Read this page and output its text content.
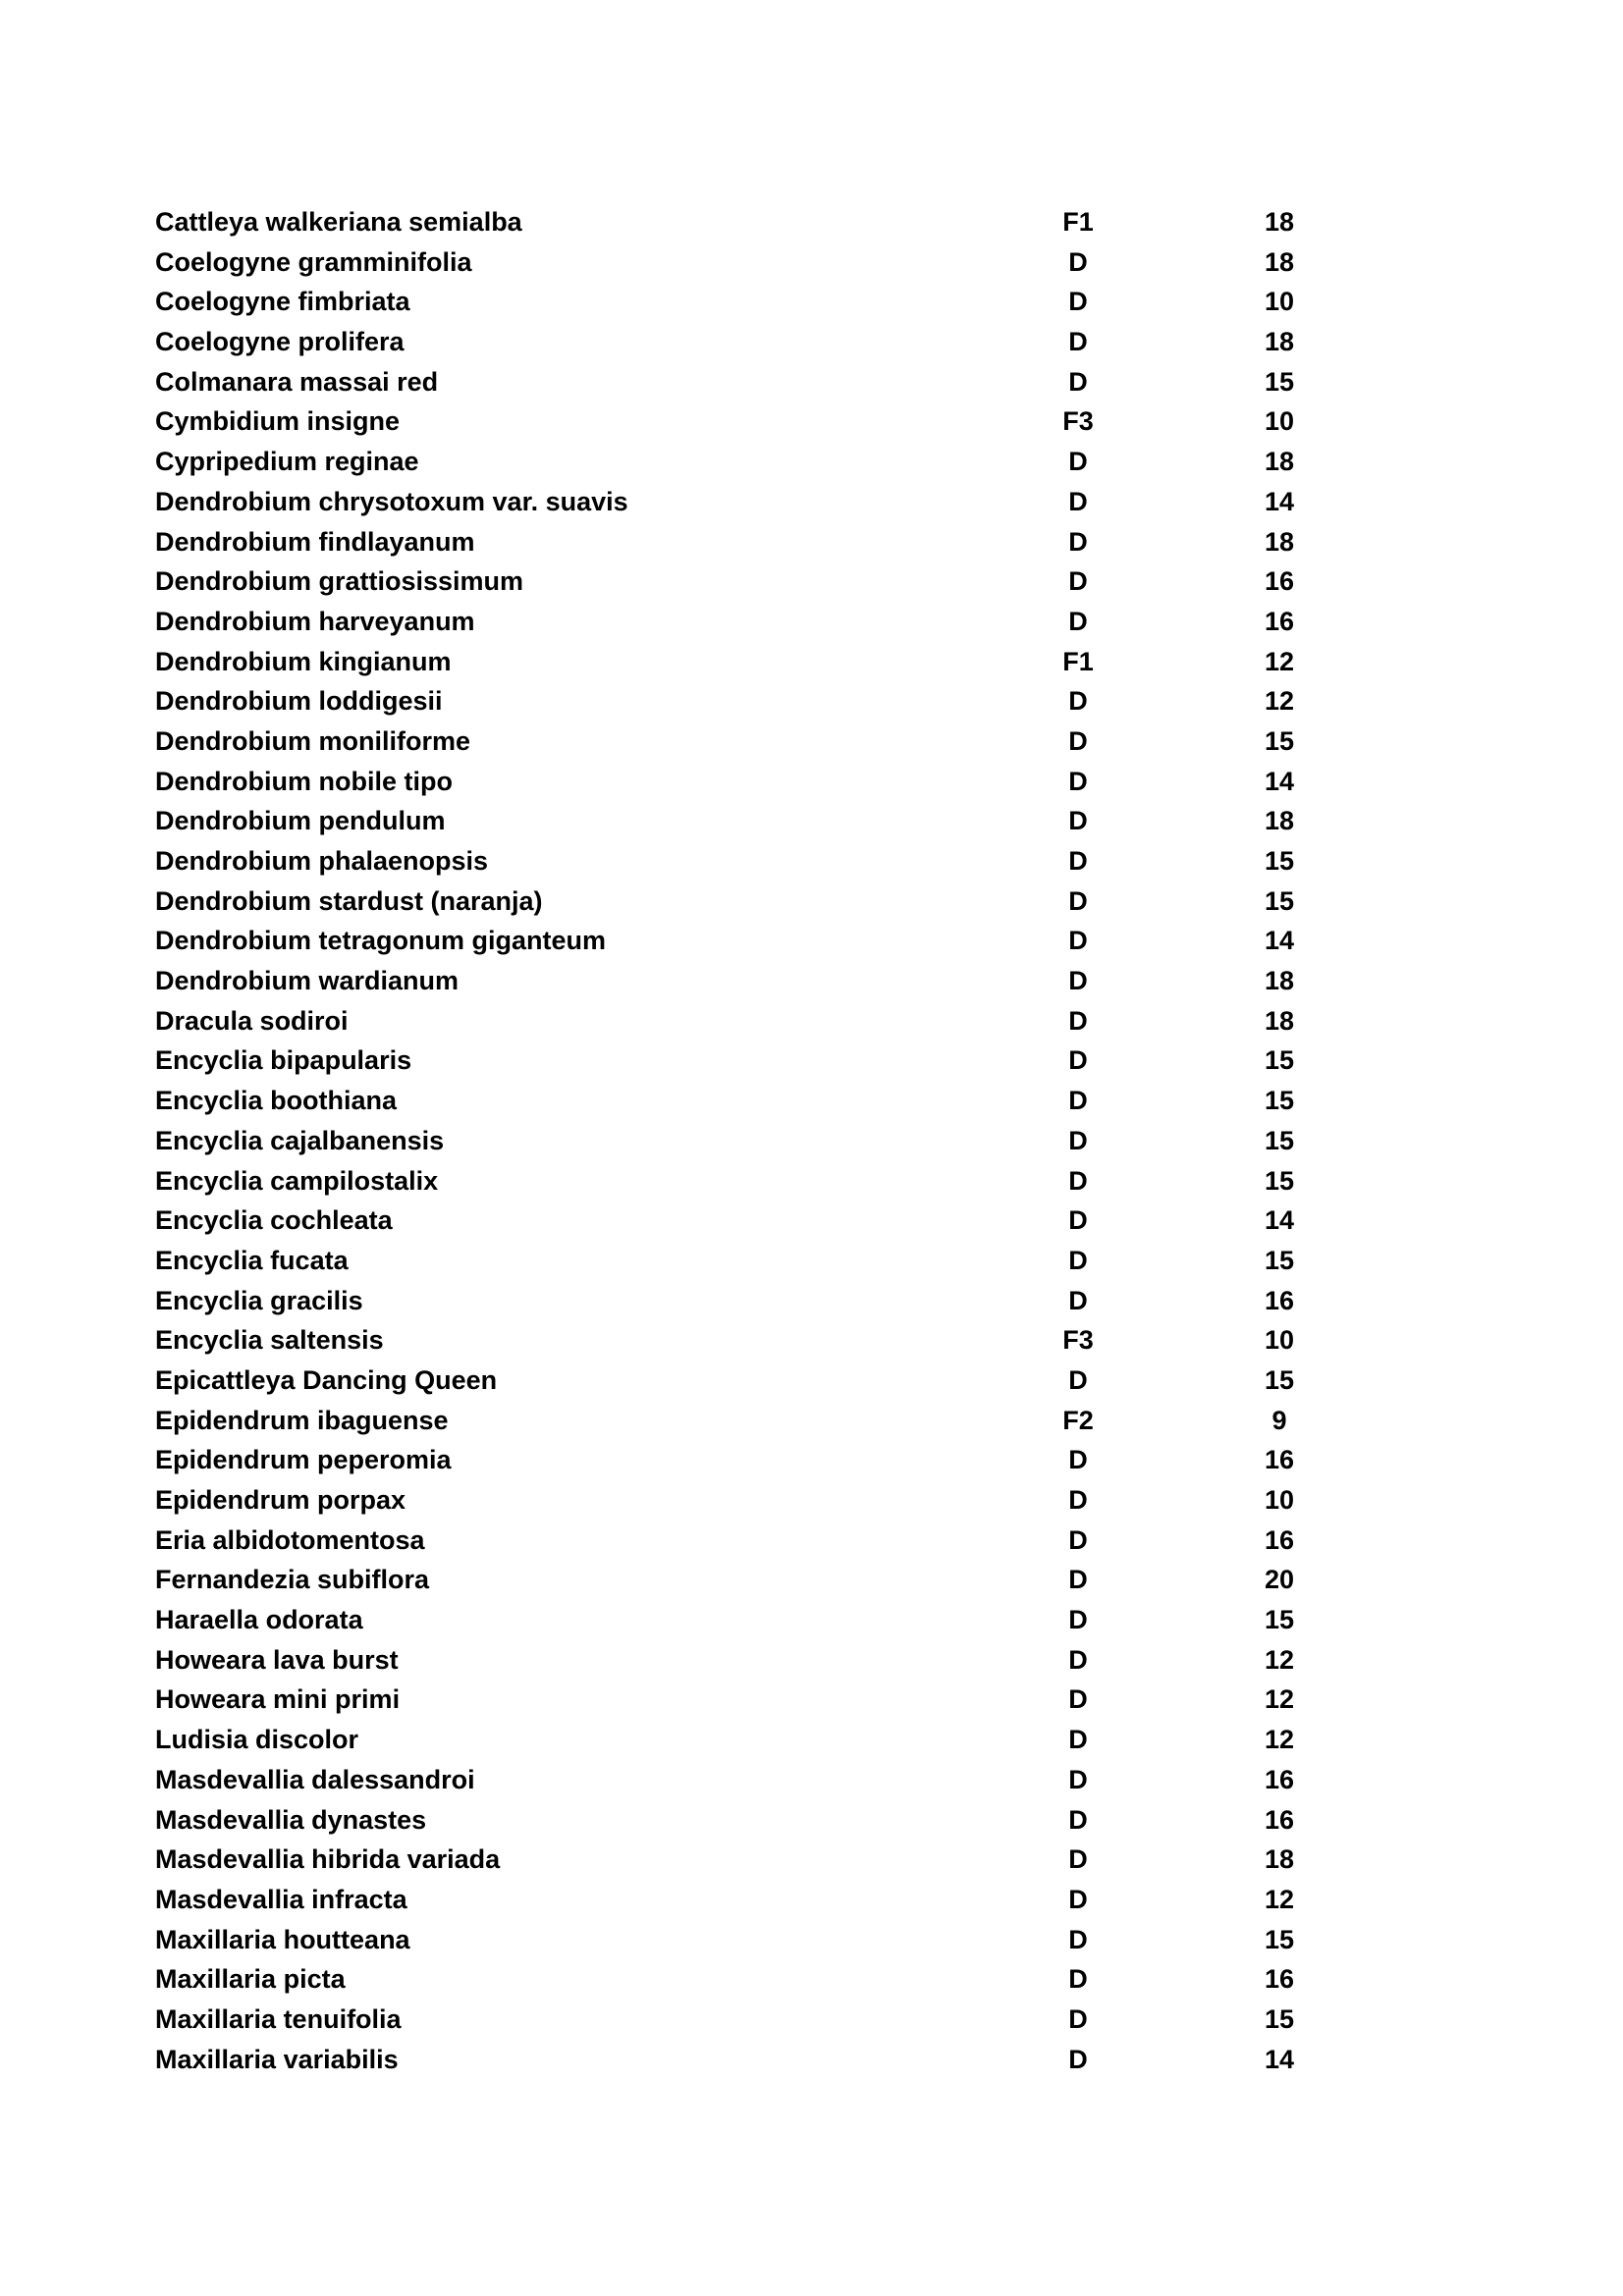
Cattleya walkeriana semialba	F1	18
Coelogyne gramminifolia	D	18
Coelogyne fimbriata	D	10
Coelogyne prolifera	D	18
Colmanara massai red	D	15
Cymbidium insigne	F3	10
Cypripedium reginae	D	18
Dendrobium chrysotoxum var. suavis	D	14
Dendrobium findlayanum	D	18
Dendrobium grattiosissimum	D	16
Dendrobium harveyanum	D	16
Dendrobium kingianum	F1	12
Dendrobium loddigesii	D	12
Dendrobium moniliforme	D	15
Dendrobium nobile tipo	D	14
Dendrobium pendulum	D	18
Dendrobium phalaenopsis	D	15
Dendrobium stardust (naranja)	D	15
Dendrobium tetragonum giganteum	D	14
Dendrobium wardianum	D	18
Dracula sodiroi	D	18
Encyclia bipapularis	D	15
Encyclia boothiana	D	15
Encyclia cajalbanensis	D	15
Encyclia campilostalix	D	15
Encyclia cochleata	D	14
Encyclia fucata	D	15
Encyclia gracilis	D	16
Encyclia saltensis	F3	10
Epicattleya Dancing Queen	D	15
Epidendrum ibaguense	F2	9
Epidendrum peperomia	D	16
Epidendrum porpax	D	10
Eria albidotomentosa	D	16
Fernandezia subiflora	D	20
Haraella odorata	D	15
Howeara lava burst	D	12
Howeara mini primi	D	12
Ludisia discolor	D	12
Masdevallia dalessandroi	D	16
Masdevallia dynastes	D	16
Masdevallia hibrida variada	D	18
Masdevallia infracta	D	12
Maxillaria houtteana	D	15
Maxillaria picta	D	16
Maxillaria tenuifolia	D	15
Maxillaria variabilis	D	14
